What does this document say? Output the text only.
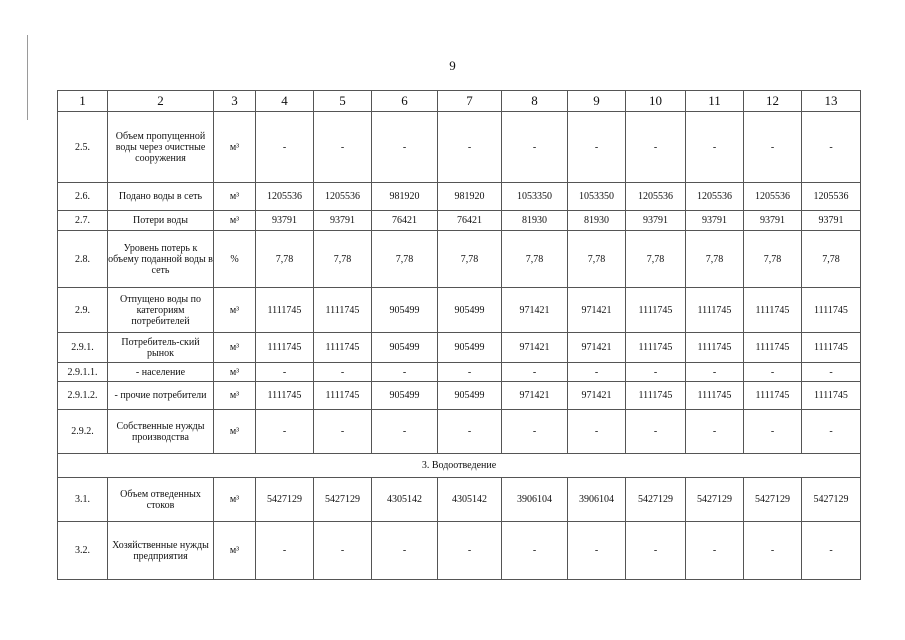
9
1	2	3	4	5	6	7	8	9	10	11	12	13
2.5.	Объем пропущенной воды через очистные сооружения	м³	-	-	-	-	-	-	-	-	-	-
2.6.	Подано воды в сеть	м³	1205536	1205536	981920	981920	1053350	1053350	1205536	1205536	1205536	1205536
2.7.	Потери воды	м³	93791	93791	76421	76421	81930	81930	93791	93791	93791	93791
2.8.	Уровень потерь к объему поданной воды в сеть	%	7,78	7,78	7,78	7,78	7,78	7,78	7,78	7,78	7,78	7,78
2.9.	Отпущено воды по категориям потребителей	м³	1111745	1111745	905499	905499	971421	971421	1111745	1111745	1111745	1111745
2.9.1.	Потребитель-ский рынок	м³	1111745	1111745	905499	905499	971421	971421	1111745	1111745	1111745	1111745
2.9.1.1.	- население	м³	-	-	-	-	-	-	-	-	-	-
2.9.1.2.	- прочие потребители	м³	1111745	1111745	905499	905499	971421	971421	1111745	1111745	1111745	1111745
2.9.2.	Собственные нужды производства	м³	-	-	-	-	-	-	-	-	-	-
3. Водоотведение												
3.1.	Объем отведенных стоков	м³	5427129	5427129	4305142	4305142	3906104	3906104	5427129	5427129	5427129	5427129
3.2.	Хозяйственные нужды предприятия	м³	-	-	-	-	-	-	-	-	-	-
